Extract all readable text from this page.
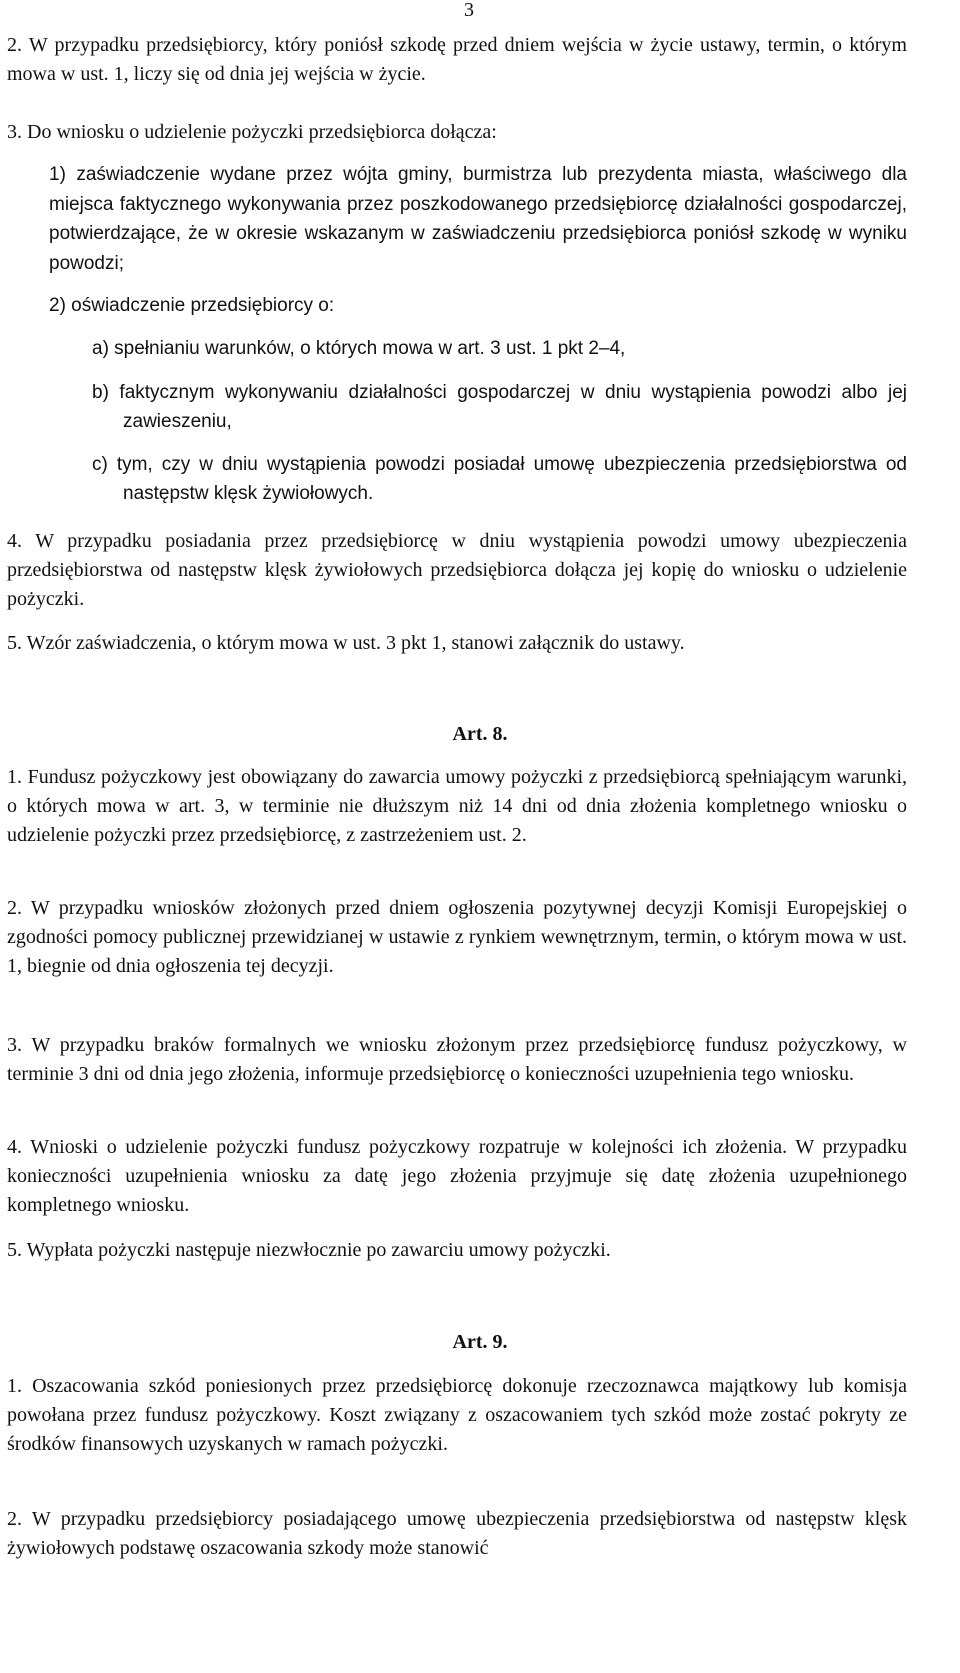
3
2. W przypadku przedsiębiorcy, który poniósł szkodę przed dniem wejścia w życie ustawy, termin, o którym mowa w ust. 1, liczy się od dnia jej wejścia w życie.
3. Do wniosku o udzielenie pożyczki przedsiębiorca dołącza:
1) zaświadczenie wydane przez wójta gminy, burmistrza lub prezydenta miasta, właściwego dla miejsca faktycznego wykonywania przez poszkodowanego przedsiębiorcę działalności gospodarczej, potwierdzające, że w okresie wskazanym w zaświadczeniu przedsiębiorca poniósł szkodę w wyniku powodzi;
2) oświadczenie przedsiębiorcy o:
a) spełnianiu warunków, o których mowa w art. 3 ust. 1 pkt 2–4,
b) faktycznym wykonywaniu działalności gospodarczej w dniu wystąpienia powodzi albo jej zawieszeniu,
c) tym, czy w dniu wystąpienia powodzi posiadał umowę ubezpieczenia przedsiębiorstwa od następstw klęsk żywiołowych.
4. W przypadku posiadania przez przedsiębiorcę w dniu wystąpienia powodzi umowy ubezpieczenia przedsiębiorstwa od następstw klęsk żywiołowych przedsiębiorca dołącza jej kopię do wniosku o udzielenie pożyczki.
5. Wzór zaświadczenia, o którym mowa w ust. 3 pkt 1, stanowi załącznik do ustawy.
Art. 8.
1. Fundusz pożyczkowy jest obowiązany do zawarcia umowy pożyczki z przedsiębiorcą spełniającym warunki, o których mowa w art. 3, w terminie nie dłuższym niż 14 dni od dnia złożenia kompletnego wniosku o udzielenie pożyczki przez przedsiębiorcę, z zastrzeżeniem ust. 2.
2. W przypadku wniosków złożonych przed dniem ogłoszenia pozytywnej decyzji Komisji Europejskiej o zgodności pomocy publicznej przewidzianej w ustawie z rynkiem wewnętrznym, termin, o którym mowa w ust. 1, biegnie od dnia ogłoszenia tej decyzji.
3. W przypadku braków formalnych we wniosku złożonym przez przedsiębiorcę fundusz pożyczkowy, w terminie 3 dni od dnia jego złożenia, informuje przedsiębiorcę o konieczności uzupełnienia tego wniosku.
4. Wnioski o udzielenie pożyczki fundusz pożyczkowy rozpatruje w kolejności ich złożenia. W przypadku konieczności uzupełnienia wniosku za datę jego złożenia przyjmuje się datę złożenia uzupełnionego kompletnego wniosku.
5. Wypłata pożyczki następuje niezwłocznie po zawarciu umowy pożyczki.
Art. 9.
1. Oszacowania szkód poniesionych przez przedsiębiorcę dokonuje rzeczoznawca majątkowy lub komisja powołana przez fundusz pożyczkowy. Koszt związany z oszacowaniem tych szkód może zostać pokryty ze środków finansowych uzyskanych w ramach pożyczki.
2. W przypadku przedsiębiorcy posiadającego umowę ubezpieczenia przedsiębiorstwa od następstw klęsk żywiołowych podstawę oszacowania szkody może stanowić
